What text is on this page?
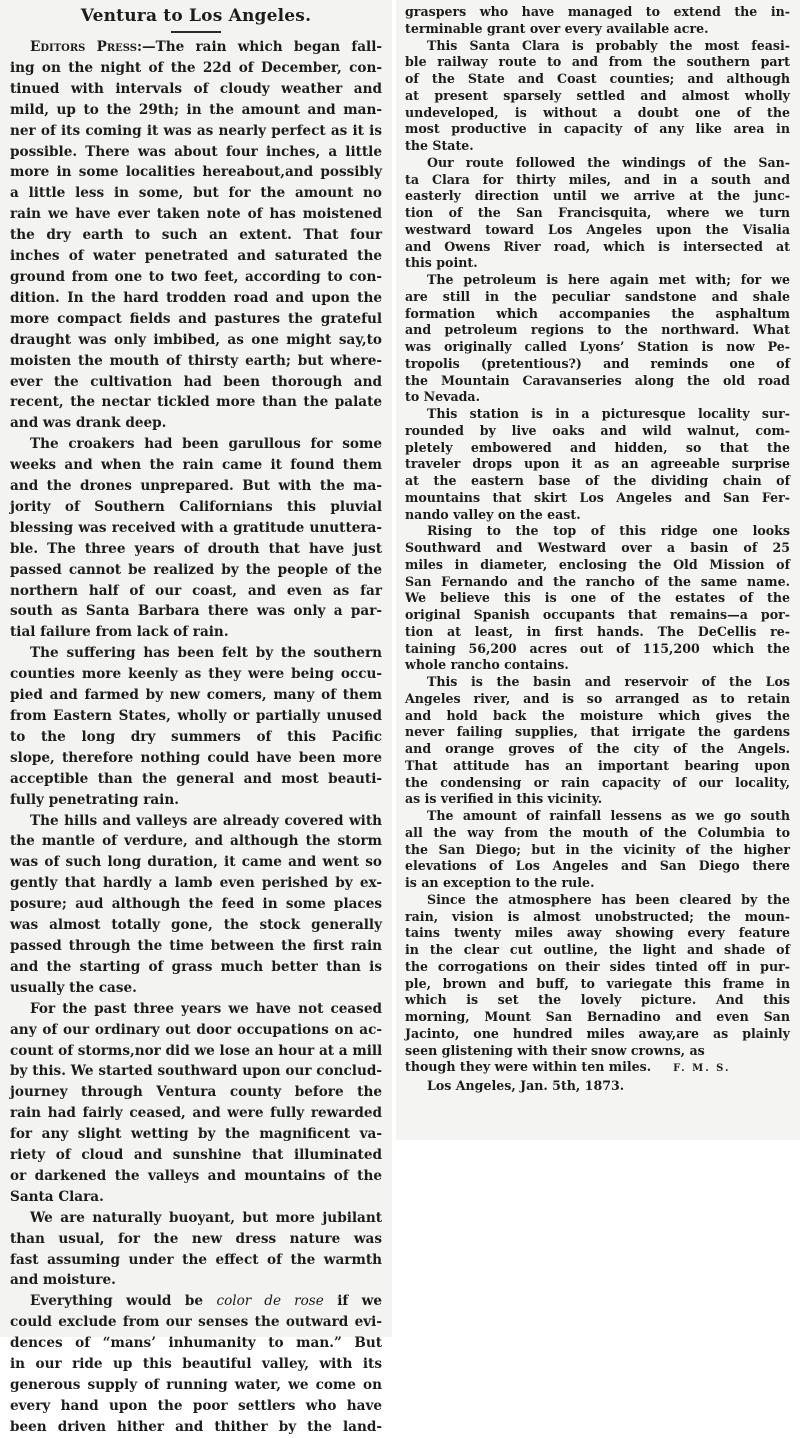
Ventura to Los Angeles.
Editors Press:—The rain which began fall-
ing on the night of the 22d of December, con-
tinued with intervals of cloudy weather and
mild, up to the 29th; in the amount and man-
ner of its coming it was as nearly perfect as it is
possible. There was about four inches, a little
more in some localities hereabout,and possibly
a little less in some, but for the amount no
rain we have ever taken note of has moistened
the dry earth to such an extent. That four
inches of water penetrated and saturated the
ground from one to two feet, according to con-
dition. In the hard trodden road and upon the
more compact fields and pastures the grateful
draught was only imbibed, as one might say,to
moisten the mouth of thirsty earth; but where-
ever the cultivation had been thorough and
recent, the nectar tickled more than the palate
and was drank deep.
The croakers had been garullous for some
weeks and when the rain came it found them
and the drones unprepared. But with the ma-
jority of Southern Californians this pluvial
blessing was received with a gratitude unuttera-
ble. The three years of drouth that have just
passed cannot be realized by the people of the
northern half of our coast, and even as far
south as Santa Barbara there was only a par-
tial failure from lack of rain.
The suffering has been felt by the southern
counties more keenly as they were being occu-
pied and farmed by new comers, many of them
from Eastern States, wholly or partially unused
to the long dry summers of this Pacific
slope, therefore nothing could have been more
acceptible than the general and most beauti-
fully penetrating rain.
The hills and valleys are already covered with
the mantle of verdure, and although the storm
was of such long duration, it came and went so
gently that hardly a lamb even perished by ex-
posure; aud although the feed in some places
was almost totally gone, the stock generally
passed through the time between the first rain
and the starting of grass much better than is
usually the case.
For the past three years we have not ceased
any of our ordinary out door occupations on ac-
count of storms,nor did we lose an hour at a mill
by this. We started southward upon our conclud-
journey through Ventura county before the
rain had fairly ceased, and were fully rewarded
for any slight wetting by the magnificent va-
riety of cloud and sunshine that illuminated
or darkened the valleys and mountains of the
Santa Clara.
We are naturally buoyant, but more jubilant
than usual, for the new dress nature was
fast assuming under the effect of the warmth
and moisture.
Everything would be color de rose if we
could exclude from our senses the outward evi-
dences of “mans’ inhumanity to man.” But
in our ride up this beautiful valley, with its
generous supply of running water, we come on
every hand upon the poor settlers who have
been driven hither and thither by the land-
graspers who have managed to extend the in-
terminable grant over every available acre.
This Santa Clara is probably the most feasi-
ble railway route to and from the southern part
of the State and Coast counties; and although
at present sparsely settled and almost wholly
undeveloped, is without a doubt one of the
most productive in capacity of any like area in
the State.
Our route followed the windings of the San-
ta Clara for thirty miles, and in a south and
easterly direction until we arrive at the junc-
tion of the San Francisquita, where we turn
westward toward Los Angeles upon the Visalia
and Owens River road, which is intersected at
this point.
The petroleum is here again met with; for we
are still in the peculiar sandstone and shale
formation which accompanies the asphaltum
and petroleum regions to the northward. What
was originally called Lyons’ Station is now Pe-
tropolis (pretentious?) and reminds one of
the Mountain Caravanseries along the old road
to Nevada.
This station is in a picturesque locality sur-
rounded by live oaks and wild walnut, com-
pletely embowered and hidden, so that the
traveler drops upon it as an agreeable surprise
at the eastern base of the dividing chain of
mountains that skirt Los Angeles and San Fer-
nando valley on the east.
Rising to the top of this ridge one looks
Southward and Westward over a basin of 25
miles in diameter, enclosing the Old Mission of
San Fernando and the rancho of the same name.
We believe this is one of the estates of the
original Spanish occupants that remains—a por-
tion at least, in first hands. The DeCellis re-
taining 56,200 acres out of 115,200 which the
whole rancho contains.
This is the basin and reservoir of the Los
Angeles river, and is so arranged as to retain
and hold back the moisture which gives the
never failing supplies, that irrigate the gardens
and orange groves of the city of the Angels.
That attitude has an important bearing upon
the condensing or rain capacity of our locality,
as is verified in this vicinity.
The amount of rainfall lessens as we go south
all the way from the mouth of the Columbia to
the San Diego; but in the vicinity of the higher
elevations of Los Angeles and San Diego there
is an exception to the rule.
Since the atmosphere has been cleared by the
rain, vision is almost unobstructed; the moun-
tains twenty miles away showing every feature
in the clear cut outline, the light and shade of
the corrogations on their sides tinted off in pur-
ple, brown and buff, to variegate this frame in
which is set the lovely picture. And this
morning, Mount San Bernadino and even San
Jacinto, one hundred miles away,are as plainly
seen glistening with their snow crowns, as
though they were within ten miles. F. M. S.
Los Angeles, Jan. 5th, 1873.
